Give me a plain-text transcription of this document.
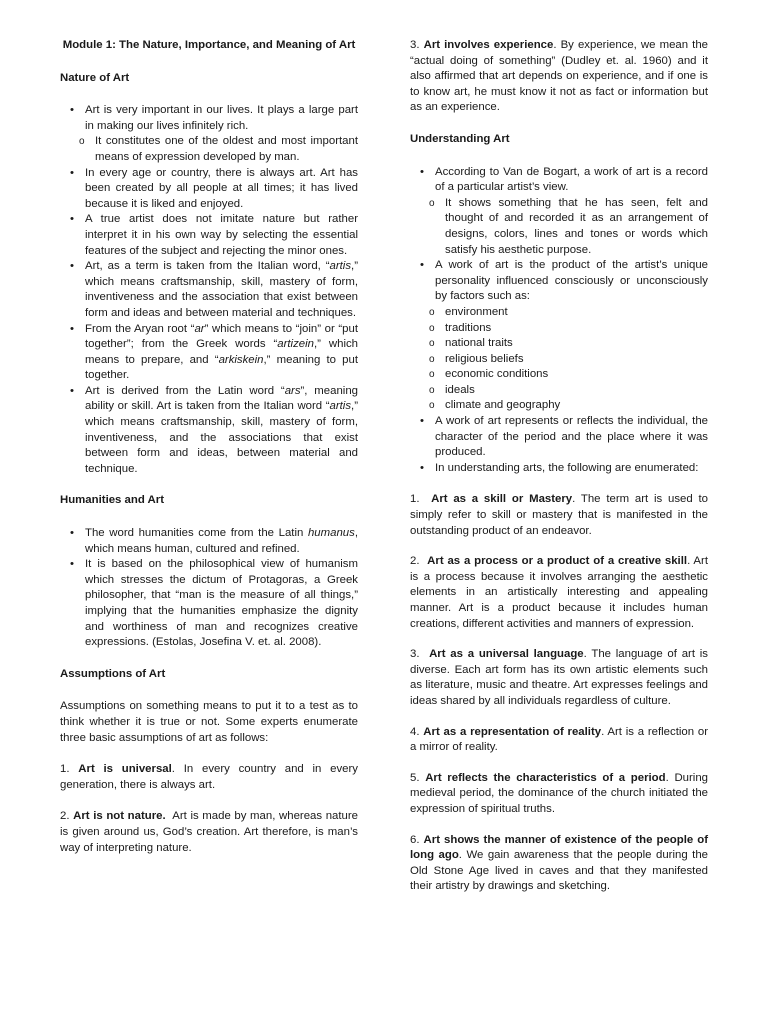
Module 1: The Nature, Importance, and Meaning of Art

Nature of Art

• Art is very important in our lives. It plays a large part in making our lives infinitely rich.
o It constitutes one of the oldest and most important means of expression developed by man.
• In every age or country, there is always art. Art has been created by all people at all times; it has lived because it is liked and enjoyed.
• A true artist does not imitate nature but rather interpret it in his own way by selecting the essential features of the subject and rejecting the minor ones.
• Art, as a term is taken from the Italian word, “artis,” which means craftsmanship, skill, mastery of form, inventiveness and the association that exist between form and ideas and between material and techniques.
• From the Aryan root “ar” which means to “join” or “put together”; from the Greek words “artizein,” which means to prepare, and “arkiskein,” meaning to put together.
• Art is derived from the Latin word “ars”, meaning ability or skill. Art is taken from the Italian word “artis,” which means craftsmanship, skill, mastery of form, inventiveness, and the associations that exist between form and ideas, between material and technique.

Humanities and Art

• The word humanities come from the Latin humanus, which means human, cultured and refined.
• It is based on the philosophical view of humanism which stresses the dictum of Protagoras, a Greek philosopher, that “man is the measure of all things,” implying that the humanities emphasize the dignity and worthiness of man and recognizes creative expressions. (Estolas, Josefina V. et. al. 2008).

Assumptions of Art

Assumptions on something means to put it to a test as to think whether it is true or not. Some experts enumerate three basic assumptions of art as follows:

1. Art is universal. In every country and in every generation, there is always art.

2. Art is not nature.  Art is made by man, whereas nature is given around us, God’s creation. Art therefore, is man’s way of interpreting nature.

3. Art involves experience. By experience, we mean the “actual doing of something” (Dudley et. al. 1960) and it also affirmed that art depends on experience, and if one is to know art, he must know it not as fact or information but as an experience.

Understanding Art

• According to Van de Bogart, a work of art is a record of a particular artist’s view.
o It shows something that he has seen, felt and thought of and recorded it as an arrangement of designs, colors, lines and tones or words which satisfy his aesthetic purpose.
• A work of art is the product of the artist’s unique personality influenced consciously or unconsciously by factors such as:
o environment
o traditions
o national traits
o religious beliefs
o economic conditions
o ideals
o climate and geography
• A work of art represents or reflects the individual, the character of the period and the place where it was produced.
• In understanding arts, the following are enumerated:

1.  Art as a skill or Mastery. The term art is used to simply refer to skill or mastery that is manifested in the outstanding product of an endeavor.

2.  Art as a process or a product of a creative skill. Art is a process because it involves arranging the aesthetic elements in an artistically interesting and appealing manner. Art is a product because it includes human creations, different activities and manners of expression.

3.  Art as a universal language. The language of art is diverse. Each art form has its own artistic elements such as literature, music and theatre. Art expresses feelings and ideas shared by all individuals regardless of culture.

4. Art as a representation of reality. Art is a reflection or a mirror of reality.

5. Art reflects the characteristics of a period. During medieval period, the dominance of the church initiated the expression of spiritual truths.

6. Art shows the manner of existence of the people of long ago. We gain awareness that the people during the Old Stone Age lived in caves and that they manifested their artistry by drawings and sketching.
